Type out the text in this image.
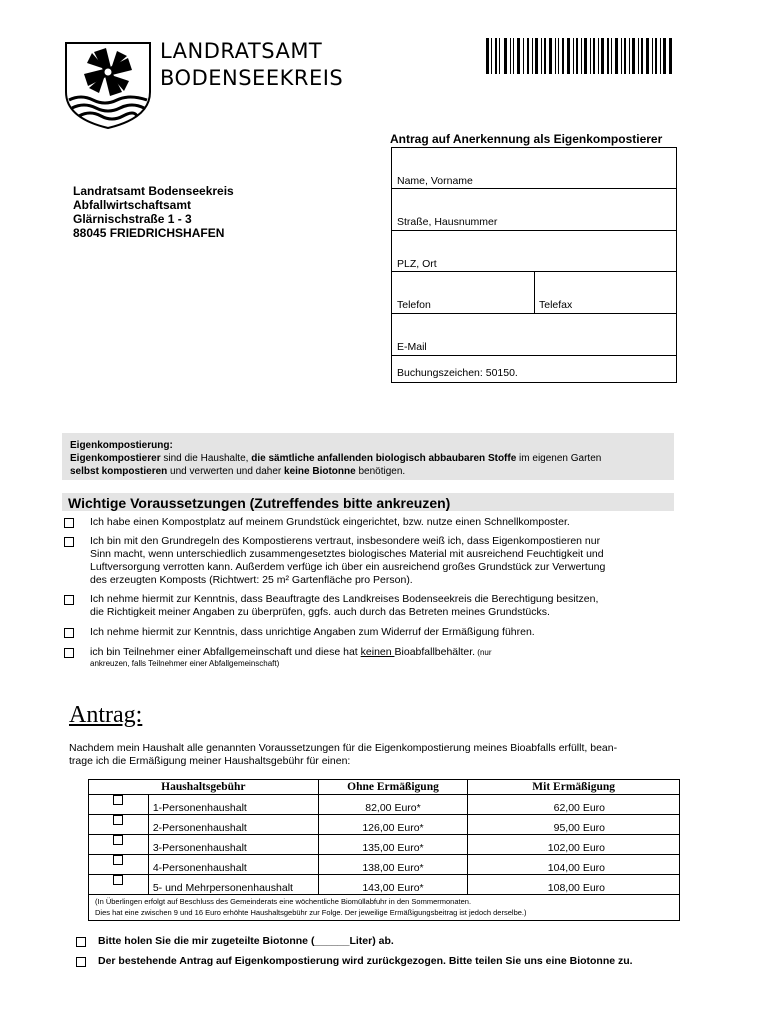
LANDRATSAMT
BODENSEEKREIS
Landratsamt Bodenseekreis
Abfallwirtschaftsamt
Glärnischstraße 1 - 3
88045 FRIEDRICHSHAFEN
Antrag auf Anerkennung als Eigenkompostierer
Name, Vorname
Straße, Hausnummer
PLZ, Ort
Telefon	Telefax
E-Mail
Buchungszeichen: 50150.
Eigenkompostierung:
Eigenkompostierer sind die Haushalte, die sämtliche anfallenden biologisch abbaubaren Stoffe im eigenen Garten
selbst kompostieren und verwerten und daher keine Biotonne benötigen.
Wichtige Voraussetzungen (Zutreffendes bitte ankreuzen)
Ich habe einen Kompostplatz auf meinem Grundstück eingerichtet, bzw. nutze einen Schnellkomposter.
Ich bin mit den Grundregeln des Kompostierens vertraut, insbesondere weiß ich, dass Eigenkompostieren nur
Sinn macht, wenn unterschiedlich zusammengesetztes biologisches Material mit ausreichend Feuchtigkeit und
Luftversorgung verrotten kann. Außerdem verfüge ich über ein ausreichend großes Grundstück zur Verwertung
des erzeugten Komposts (Richtwert: 25 m² Gartenfläche pro Person).
Ich nehme hiermit zur Kenntnis, dass Beauftragte des Landkreises Bodenseekreis die Berechtigung besitzen,
die Richtigkeit meiner Angaben zu überprüfen, ggfs. auch durch das Betreten meines Grundstücks.
Ich nehme hiermit zur Kenntnis, dass unrichtige Angaben zum Widerruf der Ermäßigung führen.
ich bin Teilnehmer einer Abfallgemeinschaft und diese hat keinen Bioabfallbehälter. (nur
ankreuzen, falls Teilnehmer einer Abfallgemeinschaft)
Antrag:
Nachdem mein Haushalt alle genannten Voraussetzungen für die Eigenkompostierung meines Bioabfalls erfüllt, bean-
trage ich die Ermäßigung meiner Haushaltsgebühr für einen:
Haushaltsgebühr		Ohne Ermäßigung	Mit Ermäßigung
	1-Personenhaushalt	82,00 Euro*	62,00 Euro
	2-Personenhaushalt	126,00 Euro*	95,00 Euro
	3-Personenhaushalt	135,00 Euro*	102,00 Euro
	4-Personenhaushalt	138,00 Euro*	104,00 Euro
	5- und Mehrpersonenhaushalt	143,00 Euro*	108,00 Euro

(In Überlingen erfolgt auf Beschluss des Gemeinderats eine wöchentliche Biomüllabfuhr in den Sommermonaten.
Dies hat eine zwischen 9 und 16 Euro erhöhte Haushaltsgebühr zur Folge. Der jeweilige Ermäßigungsbeitrag ist jedoch derselbe.)			
Bitte holen Sie die mir zugeteilte Biotonne (______Liter) ab.
Der bestehende Antrag auf Eigenkompostierung wird zurückgezogen. Bitte teilen Sie uns eine Biotonne zu.
